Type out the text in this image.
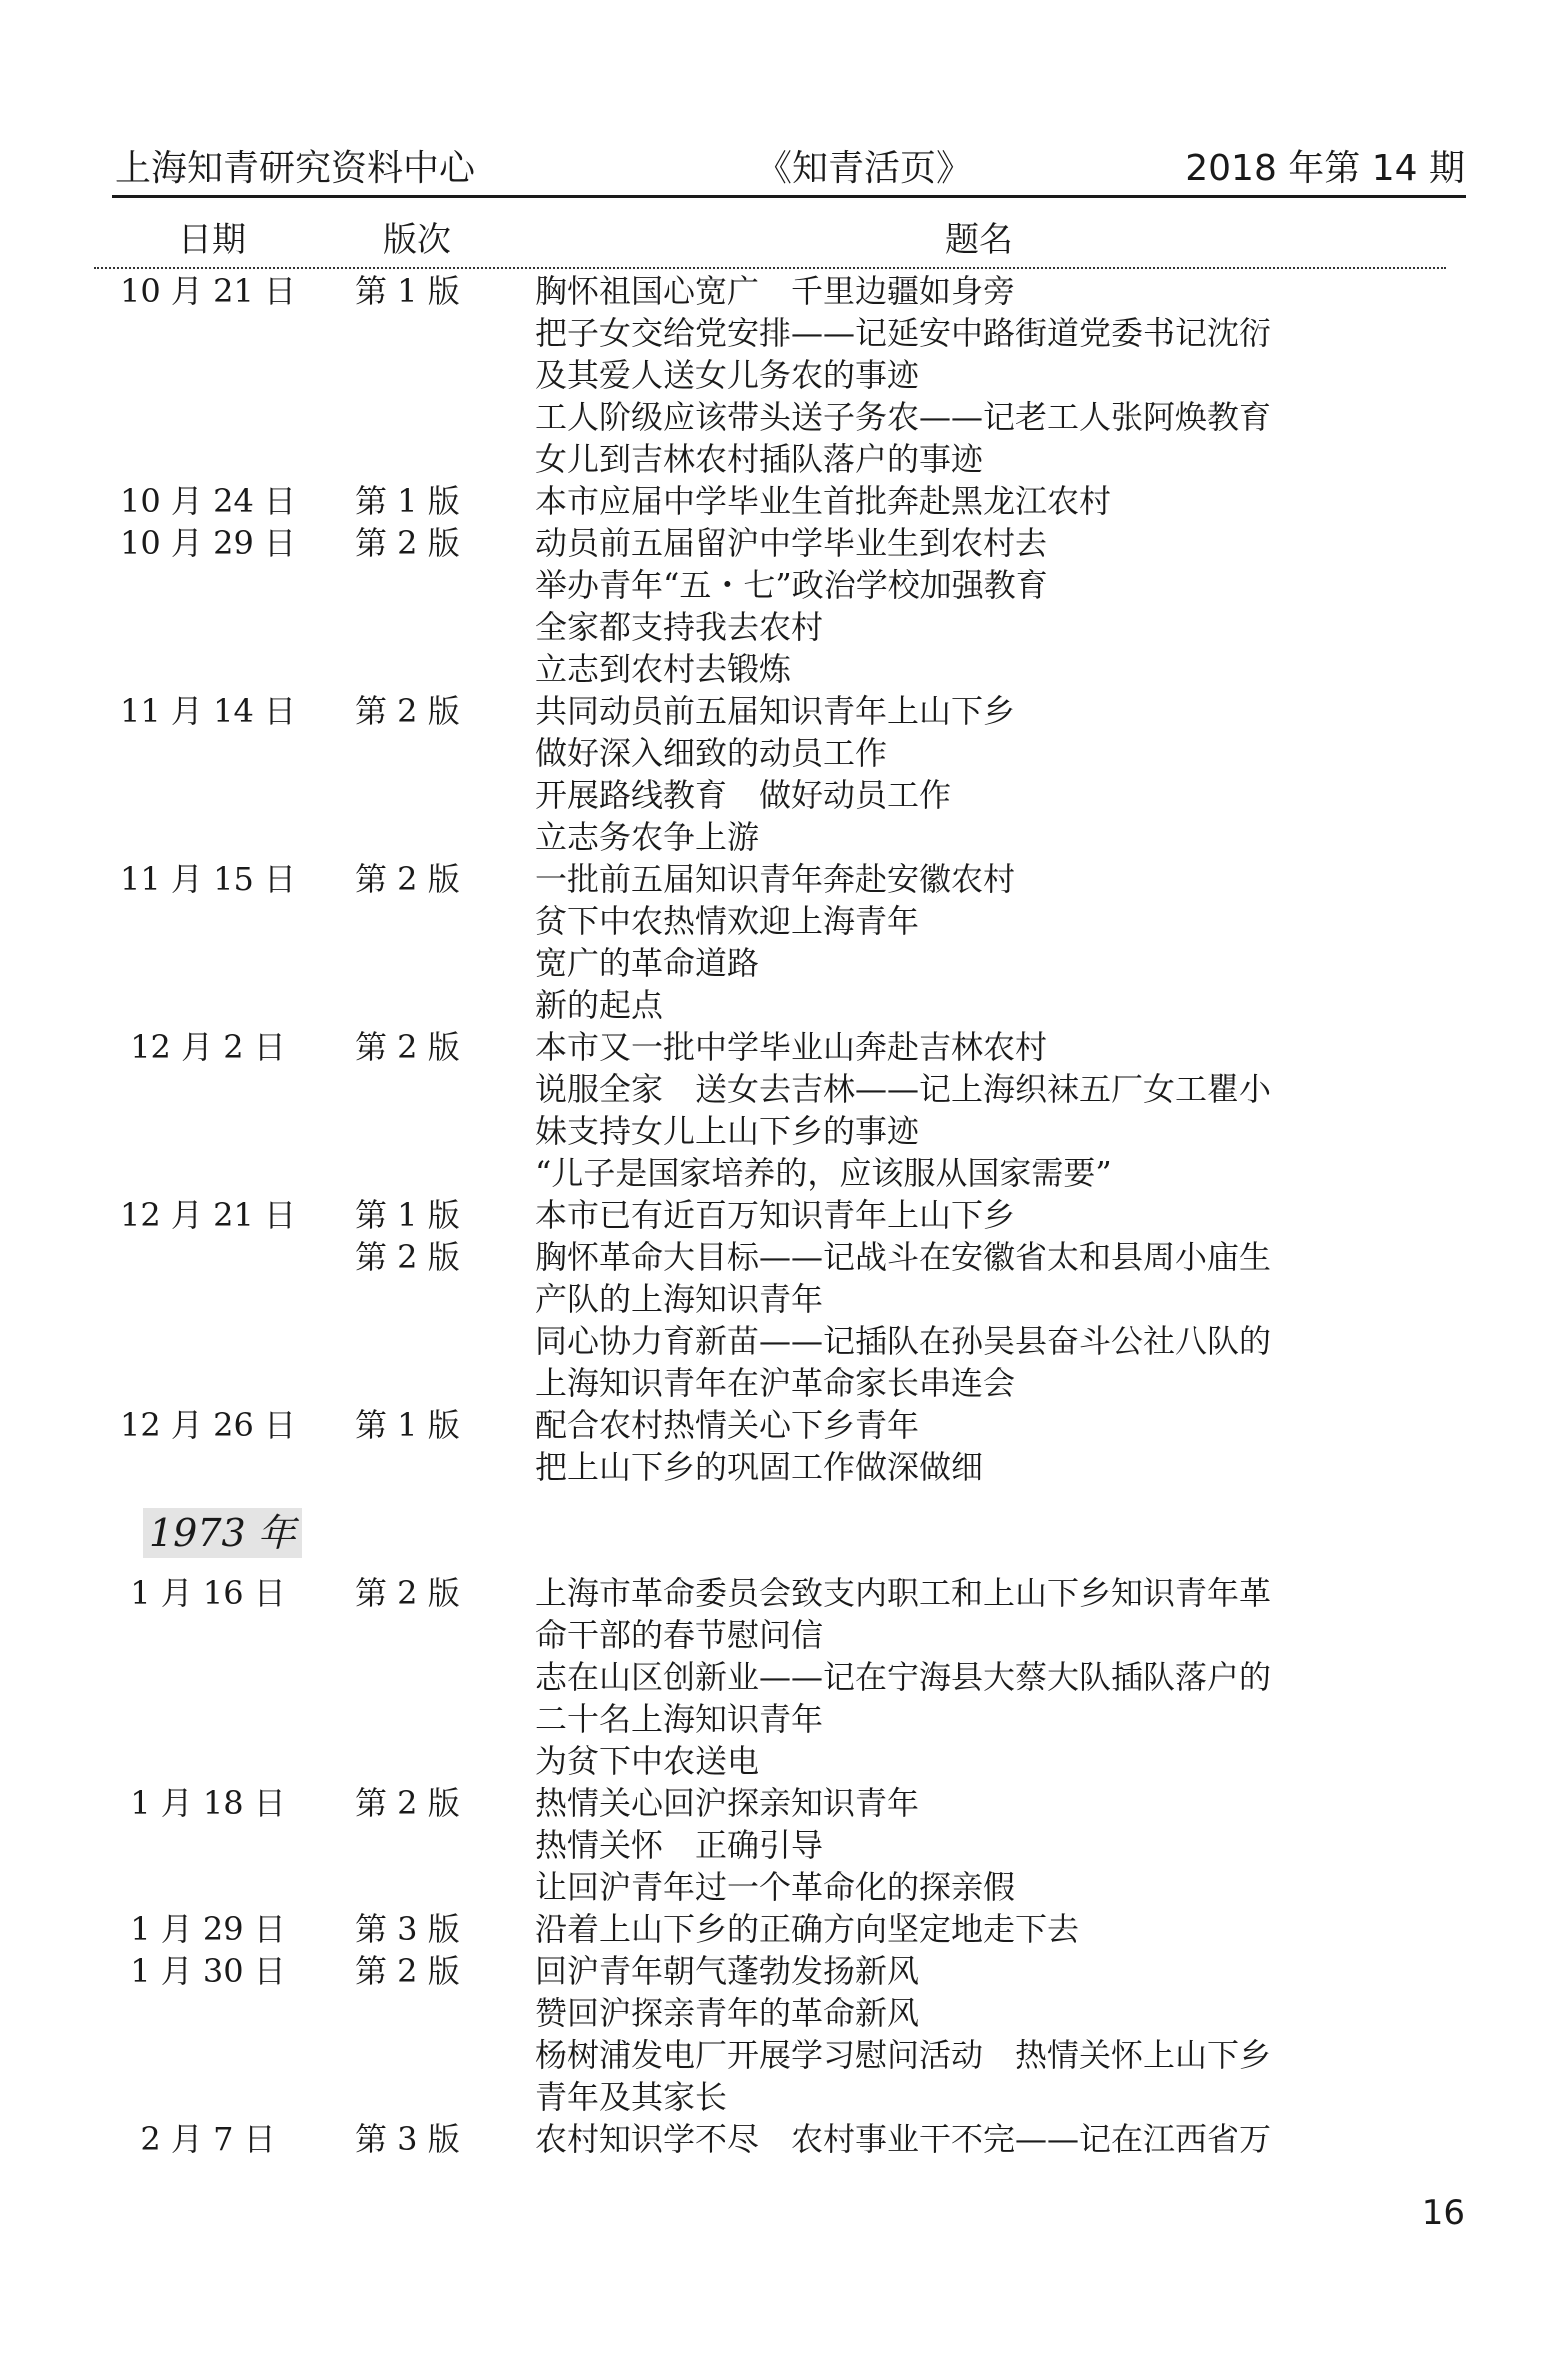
上海知青研究资料中心	《知青活页》	2018 年第 14 期
日期	版次	题名
10 月 21 日	第 1 版 胸怀祖国心宽广　千里边疆如身旁
把子女交给党安排——记延安中路街道党委书记沈衍
及其爱人送女儿务农的事迹
工人阶级应该带头送子务农——记老工人张阿焕教育
女儿到吉林农村插队落户的事迹
10 月 24 日	第 1 版 本市应届中学毕业生首批奔赴黑龙江农村
10 月 29 日	第 2 版 动员前五届留沪中学毕业生到农村去
举办青年“五・七”政治学校加强教育
全家都支持我去农村
立志到农村去锻炼
11 月 14 日	第 2 版 共同动员前五届知识青年上山下乡
做好深入细致的动员工作
开展路线教育　做好动员工作
立志务农争上游
11 月 15 日	第 2 版 一批前五届知识青年奔赴安徽农村
贫下中农热情欢迎上海青年
宽广的革命道路
新的起点
12 月 2 日	第 2 版 本市又一批中学毕业山奔赴吉林农村
说服全家　送女去吉林——记上海织袜五厂女工瞿小
妹支持女儿上山下乡的事迹
“儿子是国家培养的，应该服从国家需要”
12 月 21 日	第 1 版 本市已有近百万知识青年上山下乡
第 2 版 胸怀革命大目标——记战斗在安徽省太和县周小庙生
产队的上海知识青年
同心协力育新苗——记插队在孙吴县奋斗公社八队的
上海知识青年在沪革命家长串连会
12 月 26 日	第 1 版 配合农村热情关心下乡青年
把上山下乡的巩固工作做深做细
1973 年
1 月 16 日	第 2 版 上海市革命委员会致支内职工和上山下乡知识青年革
命干部的春节慰问信
志在山区创新业——记在宁海县大蔡大队插队落户的
二十名上海知识青年
为贫下中农送电
1 月 18 日	第 2 版 热情关心回沪探亲知识青年
热情关怀　正确引导
让回沪青年过一个革命化的探亲假
1 月 29 日	第 3 版 沿着上山下乡的正确方向坚定地走下去
1 月 30 日	第 2 版 回沪青年朝气蓬勃发扬新风
赞回沪探亲青年的革命新风
杨树浦发电厂开展学习慰问活动　热情关怀上山下乡
青年及其家长
2 月 7 日	第 3 版 农村知识学不尽　农村事业干不完——记在江西省万
16
